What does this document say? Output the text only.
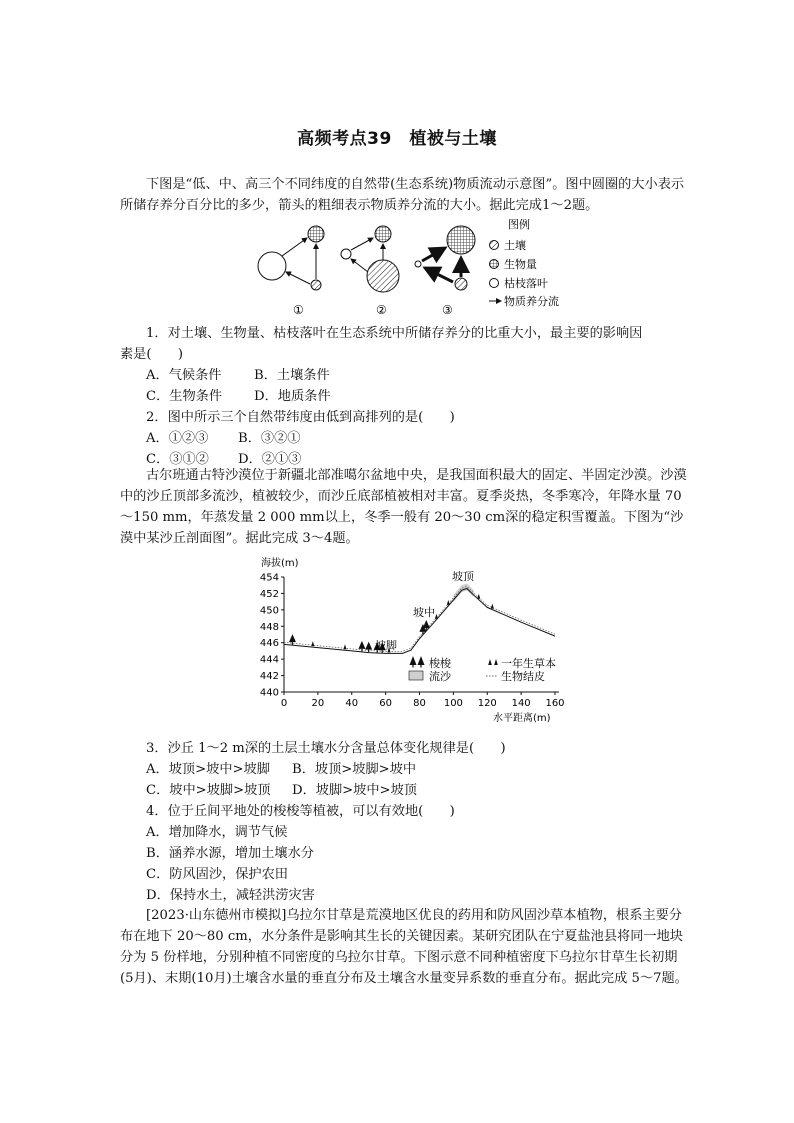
高频考点39　植被与土壤

下图是“低、中、高三个不同纬度的自然带(生态系统)物质流动示意图”。图中圆圈的大小表示所储存养分百分比的多少，箭头的粗细表示物质养分流的大小。据此完成1～2题。

①	②	③
图例
土壤
生物量
枯枝落叶
物质养分流
1．对土壤、生物量、枯枝落叶在生态系统中所储存养分的比重大小，最主要的影响因
素是(　　)
A．气候条件 B．土壤条件
C．生物条件 D．地质条件
2．图中所示三个自然带纬度由低到高排列的是(　　)
A．①②③ B．③②①
C．③①② D．②①③

古尔班通古特沙漠位于新疆北部准噶尔盆地中央，是我国面积最大的固定、半固定沙漠。沙漠中的沙丘顶部多流沙，植被较少，而沙丘底部植被相对丰富。夏季炎热，冬季寒冷，年降水量 70～150 mm，年蒸发量 2 000 mm以上，冬季一般有 20～30 cm深的稳定积雪覆盖。下图为“沙漠中某沙丘剖面图”。据此完成 3～4题。

海拔(m)
440
442
444
446
448
450
452
454
0 20 40 60 80 100 120 140 160
坡顶
坡中
坡脚
梭梭	一年生草本
流沙	生物结皮
水平距离(m)
3．沙丘 1～2 m深的土层土壤水分含量总体变化规律是(　　)
A．坡顶>坡中>坡脚 B．坡顶>坡脚>坡中
C．坡中>坡脚>坡顶 D．坡脚>坡中>坡顶
4．位于丘间平地处的梭梭等植被，可以有效地(　　)
A．增加降水，调节气候
B．涵养水源，增加土壤水分
C．防风固沙，保护农田
D．保持水土，减轻洪涝灾害

[2023·山东德州市模拟]乌拉尔甘草是荒漠地区优良的药用和防风固沙草本植物，根系主要分布在地下 20～80 cm，水分条件是影响其生长的关键因素。某研究团队在宁夏盐池县将同一地块分为 5 份样地，分别种植不同密度的乌拉尔甘草。下图示意不同种植密度下乌拉尔甘草生长初期(5月)、末期(10月)土壤含水量的垂直分布及土壤含水量变异系数的垂直分布。据此完成 5～7题。
